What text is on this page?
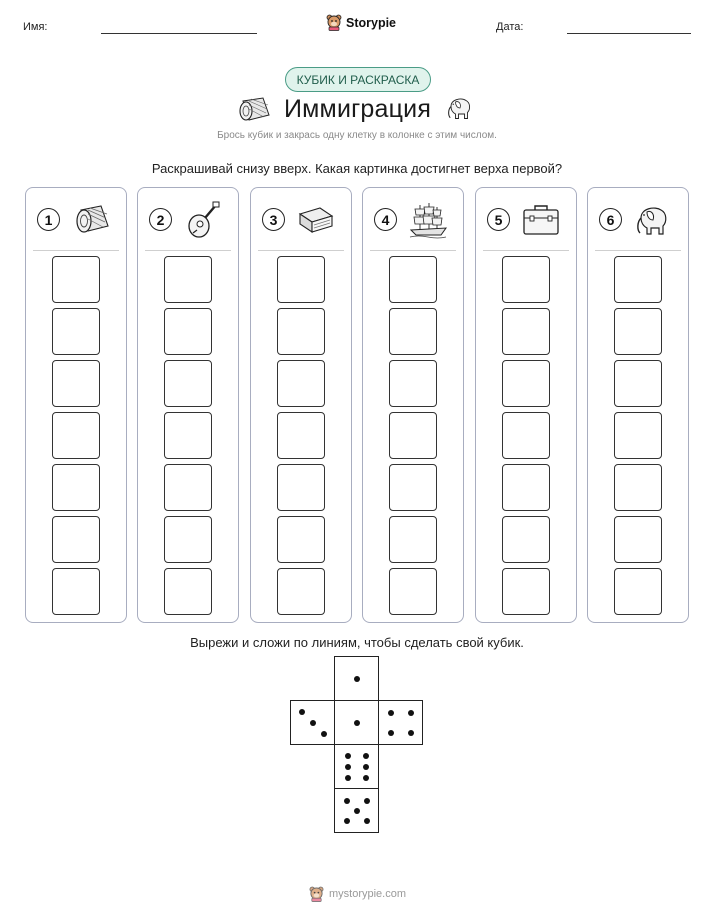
Имя:	Storypie	Дата:
КУБИК И РАСКРАСКА
Иммиграция
Брось кубик и закрась одну клетку в колонке с этим числом.
Раскрашивай снизу вверх. Какая картинка достигнет верха первой?
1	2	3	4	5	6
Вырежи и сложи по линиям, чтобы сделать свой кубик.
mystorypie.com
